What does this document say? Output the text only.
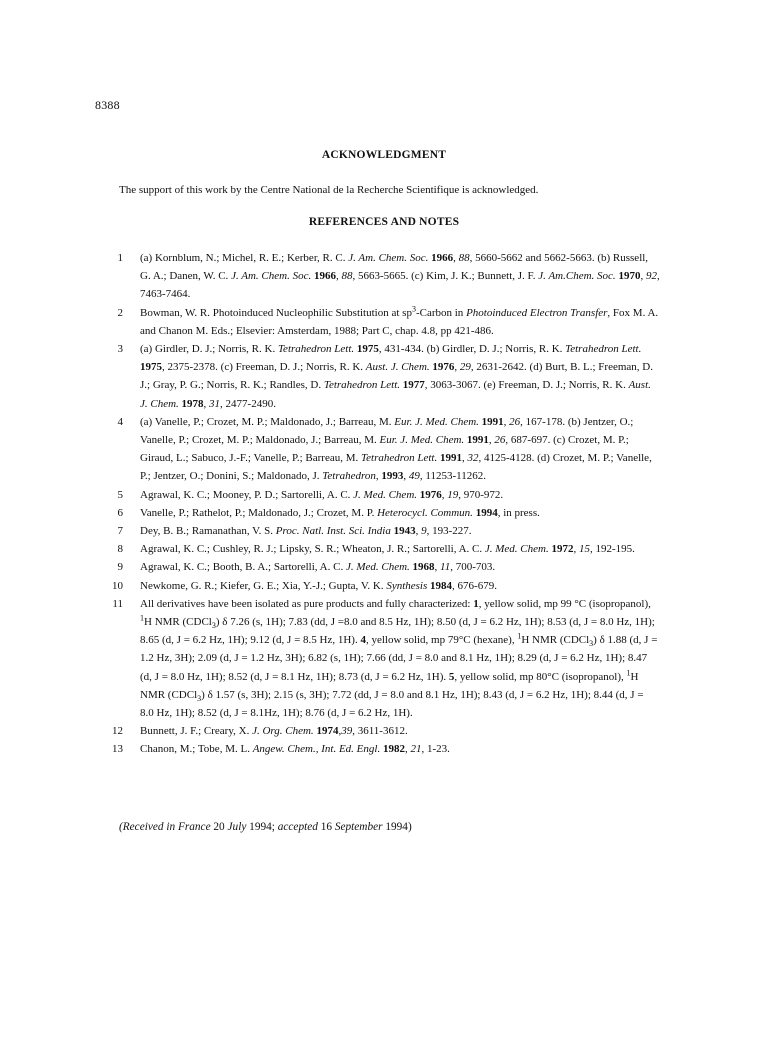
8388
ACKNOWLEDGMENT
The support of this work by the Centre National de la Recherche Scientifique is acknowledged.
REFERENCES AND NOTES
1 (a) Kornblum, N.; Michel, R. E.; Kerber, R. C. J. Am. Chem. Soc. 1966, 88, 5660-5662 and 5662-5663. (b) Russell, G. A.; Danen, W. C. J. Am. Chem. Soc. 1966, 88, 5663-5665. (c) Kim, J. K.; Bunnett, J. F. J. Am.Chem. Soc. 1970, 92, 7463-7464.
2 Bowman, W. R. Photoinduced Nucleophilic Substitution at $sp^3$-Carbon in Photoinduced Electron Transfer, Fox M. A. and Chanon M. Eds.; Elsevier: Amsterdam, 1988; Part C, chap. 4.8, pp 421-486.
3 (a) Girdler, D. J.; Norris, R. K. Tetrahedron Lett. 1975, 431-434. (b) Girdler, D. J.; Norris, R. K. Tetrahedron Lett. 1975, 2375-2378. (c) Freeman, D. J.; Norris, R. K. Aust. J. Chem. 1976, 29, 2631-2642. (d) Burt, B. L.; Freeman, D. J.; Gray, P. G.; Norris, R. K.; Randles, D. Tetrahedron Lett. 1977, 3063-3067. (e) Freeman, D. J.; Norris, R. K. Aust. J. Chem. 1978, 31, 2477-2490.
4 (a) Vanelle, P.; Crozet, M. P.; Maldonado, J.; Barreau, M. Eur. J. Med. Chem. 1991, 26, 167-178. (b) Jentzer, O.; Vanelle, P.; Crozet, M. P.; Maldonado, J.; Barreau, M. Eur. J. Med. Chem. 1991, 26, 687-697. (c) Crozet, M. P.; Giraud, L.; Sabuco, J.-F.; Vanelle, P.; Barreau, M. Tetrahedron Lett. 1991, 32, 4125-4128. (d) Crozet, M. P.; Vanelle, P.; Jentzer, O.; Donini, S.; Maldonado, J. Tetrahedron, 1993, 49, 11253-11262.
5 Agrawal, K. C.; Mooney, P. D.; Sartorelli, A. C. J. Med. Chem. 1976, 19, 970-972.
6 Vanelle, P.; Rathelot, P.; Maldonado, J.; Crozet, M. P. Heterocycl. Commun. 1994, in press.
7 Dey, B. B.; Ramanathan, V. S. Proc. Natl. Inst. Sci. India 1943, 9, 193-227.
8 Agrawal, K. C.; Cushley, R. J.; Lipsky, S. R.; Wheaton, J. R.; Sartorelli, A. C. J. Med. Chem. 1972, 15, 192-195.
9 Agrawal, K. C.; Booth, B. A.; Sartorelli, A. C. J. Med. Chem. 1968, 11, 700-703.
10 Newkome, G. R.; Kiefer, G. E.; Xia, Y.-J.; Gupta, V. K. Synthesis 1984, 676-679.
11 All derivatives have been isolated as pure products and fully characterized: 1, yellow solid, mp 99 °C (isopropanol), $^1$H NMR (CDCl$_3$) δ 7.26 (s, 1H); 7.83 (dd, J =8.0 and 8.5 Hz, 1H); 8.50 (d, J = 6.2 Hz, 1H); 8.53 (d, J = 8.0 Hz, 1H); 8.65 (d, J = 6.2 Hz, 1H); 9.12 (d, J = 8.5 Hz, 1H). 4, yellow solid, mp 79°C (hexane), $^1$H NMR (CDCl$_3$) δ 1.88 (d, J = 1.2 Hz, 3H); 2.09 (d, J = 1.2 Hz, 3H); 6.82 (s, 1H); 7.66 (dd, J = 8.0 and 8.1 Hz, 1H); 8.29 (d, J = 6.2 Hz, 1H); 8.47 (d, J = 8.0 Hz, 1H); 8.52 (d, J = 8.1 Hz, 1H); 8.73 (d, J = 6.2 Hz, 1H). 5, yellow solid, mp 80°C (isopropanol), $^1$H NMR (CDCl$_3$) δ 1.57 (s, 3H); 2.15 (s, 3H); 7.72 (dd, J = 8.0 and 8.1 Hz, 1H); 8.43 (d, J = 6.2 Hz, 1H); 8.44 (d, J = 8.0 Hz, 1H); 8.52 (d, J = 8.1Hz, 1H); 8.76 (d, J = 6.2 Hz, 1H).
12 Bunnett, J. F.; Creary, X. J. Org. Chem. 1974,39, 3611-3612.
13 Chanon, M.; Tobe, M. L. Angew. Chem., Int. Ed. Engl. 1982, 21, 1-23.
(Received in France 20 July 1994; accepted 16 September 1994)
